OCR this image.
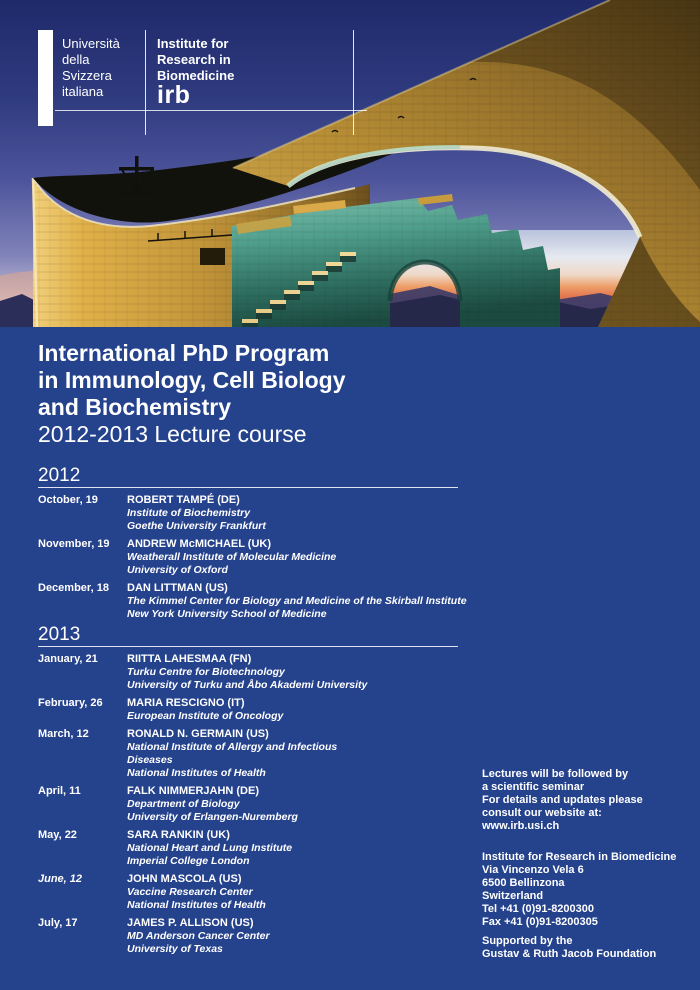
Università
della
Svizzera
italiana
Institute for
Research in
Biomedicine
irb
International PhD Program
in Immunology, Cell Biology
and Biochemistry
2012-2013 Lecture course
2012
October, 19	ROBERT TAMPÉ (DE)
Institute of Biochemistry
Goethe University Frankfurt
November, 19	ANDREW McMICHAEL (UK)
Weatherall Institute of Molecular Medicine
University of Oxford
December, 18	DAN LITTMAN (US)
The Kimmel Center for Biology and Medicine of the Skirball Institute
New York University School of Medicine
2013
January, 21	RIITTA LAHESMAA (FN)
Turku Centre for Biotechnology
University of Turku and Åbo Akademi University
February, 26	MARIA RESCIGNO (IT)
European Institute of Oncology
March, 12	RONALD N. GERMAIN (US)
National Institute of Allergy and Infectious
Diseases
National Institutes of Health
April, 11	FALK NIMMERJAHN (DE)
Department of Biology
University of Erlangen-Nuremberg
May, 22	SARA RANKIN (UK)
National Heart and Lung Institute
Imperial College London
June, 12	JOHN MASCOLA (US)
Vaccine Research Center
National Institutes of Health
July, 17	JAMES P. ALLISON (US)
MD Anderson Cancer Center
University of Texas
Lectures will be followed by
a scientific seminar
For details and updates please
consult our website at:
www.irb.usi.ch
Institute for Research in Biomedicine
Via Vincenzo Vela 6
6500 Bellinzona
Switzerland
Tel +41 (0)91-8200300
Fax +41 (0)91-8200305
Supported by the
Gustav & Ruth Jacob Foundation
